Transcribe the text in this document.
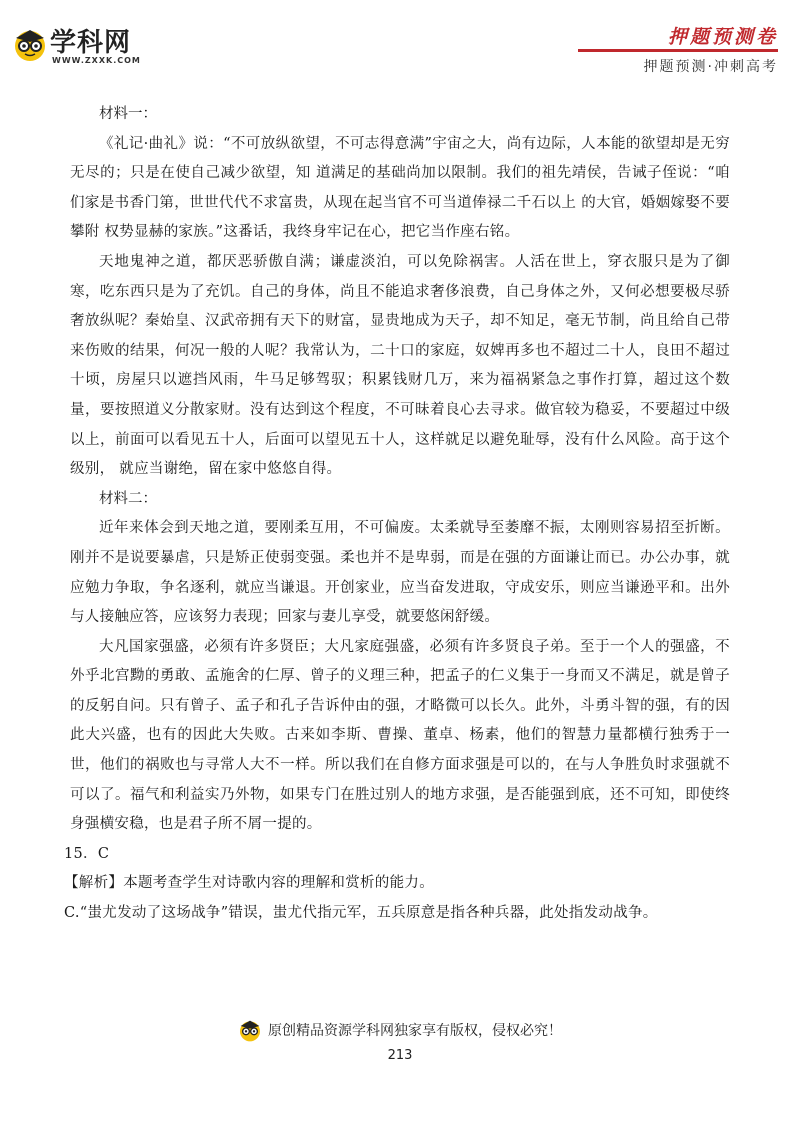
学科网
WWW.ZXXK.COM
押题预测卷
押题预测·冲刺高考

材料一：

《礼记·曲礼》说：“不可放纵欲望，不可志得意满”宇宙之大，尚有边际，人本能的欲望却是无穷无尽的；只是在使自己减少欲望，知 道满足的基础尚加以限制。我们的祖先靖侯，告诫子侄说：“咱们家是书香门第，世世代代不求富贵，从现在起当官不可当道俸禄二千石以上 的大官，婚姻嫁娶不要攀附 权势显赫的家族。”这番话，我终身牢记在心，把它当作座右铭。

天地鬼神之道，都厌恶骄傲自满；谦虚淡泊，可以免除祸害。人活在世上，穿衣服只是为了御寒，吃东西只是为了充饥。自己的身体，尚且不能追求奢侈浪费，自己身体之外，又何必想要极尽骄奢放纵呢？秦始皇、汉武帝拥有天下的财富，显贵地成为天子，却不知足，毫无节制，尚且给自己带来伤败的结果，何况一般的人呢？我常认为，二十口的家庭，奴婢再多也不超过二十人，良田不超过十顷，房屋只以遮挡风雨，牛马足够驾驭；积累钱财几万，来为福祸紧急之事作打算，超过这个数量，要按照道义分散家财。没有达到这个程度，不可昧着良心去寻求。做官较为稳妥，不要超过中级以上，前面可以看见五十人，后面可以望见五十人，这样就足以避免耻辱，没有什么风险。高于这个级别， 就应当谢绝，留在家中悠悠自得。

材料二：

近年来体会到天地之道，要刚柔互用，不可偏废。太柔就导至萎靡不振，太刚则容易招至折断。刚并不是说要暴虐，只是矫正使弱变强。柔也并不是卑弱，而是在强的方面谦让而已。办公办事，就应勉力争取，争名逐利，就应当谦退。开创家业，应当奋发进取，守成安乐，则应当谦逊平和。出外与人接触应答，应该努力表现；回家与妻儿享受，就要悠闲舒缓。

大凡国家强盛，必须有许多贤臣；大凡家庭强盛，必须有许多贤良子弟。至于一个人的强盛，不外乎北宫黝的勇敢、孟施舍的仁厚、曾子的义理三种，把孟子的仁义集于一身而又不满足，就是曾子的反躬自问。只有曾子、孟子和孔子告诉仲由的强，才略微可以长久。此外，斗勇斗智的强，有的因此大兴盛，也有的因此大失败。古来如李斯、曹操、董卓、杨素，他们的智慧力量都横行独秀于一世，他们的祸败也与寻常人大不一样。所以我们在自修方面求强是可以的，在与人争胜负时求强就不可以了。福气和利益实乃外物，如果专门在胜过别人的地方求强，是否能强到底，还不可知，即使终身强横安稳，也是君子所不屑一提的。

15．C

【解析】本题考查学生对诗歌内容的理解和赏析的能力。

C.“蚩尤发动了这场战争”错误，蚩尤代指元军，五兵原意是指各种兵器，此处指发动战争。

原创精品资源学科网独家享有版权，侵权必究！
213
